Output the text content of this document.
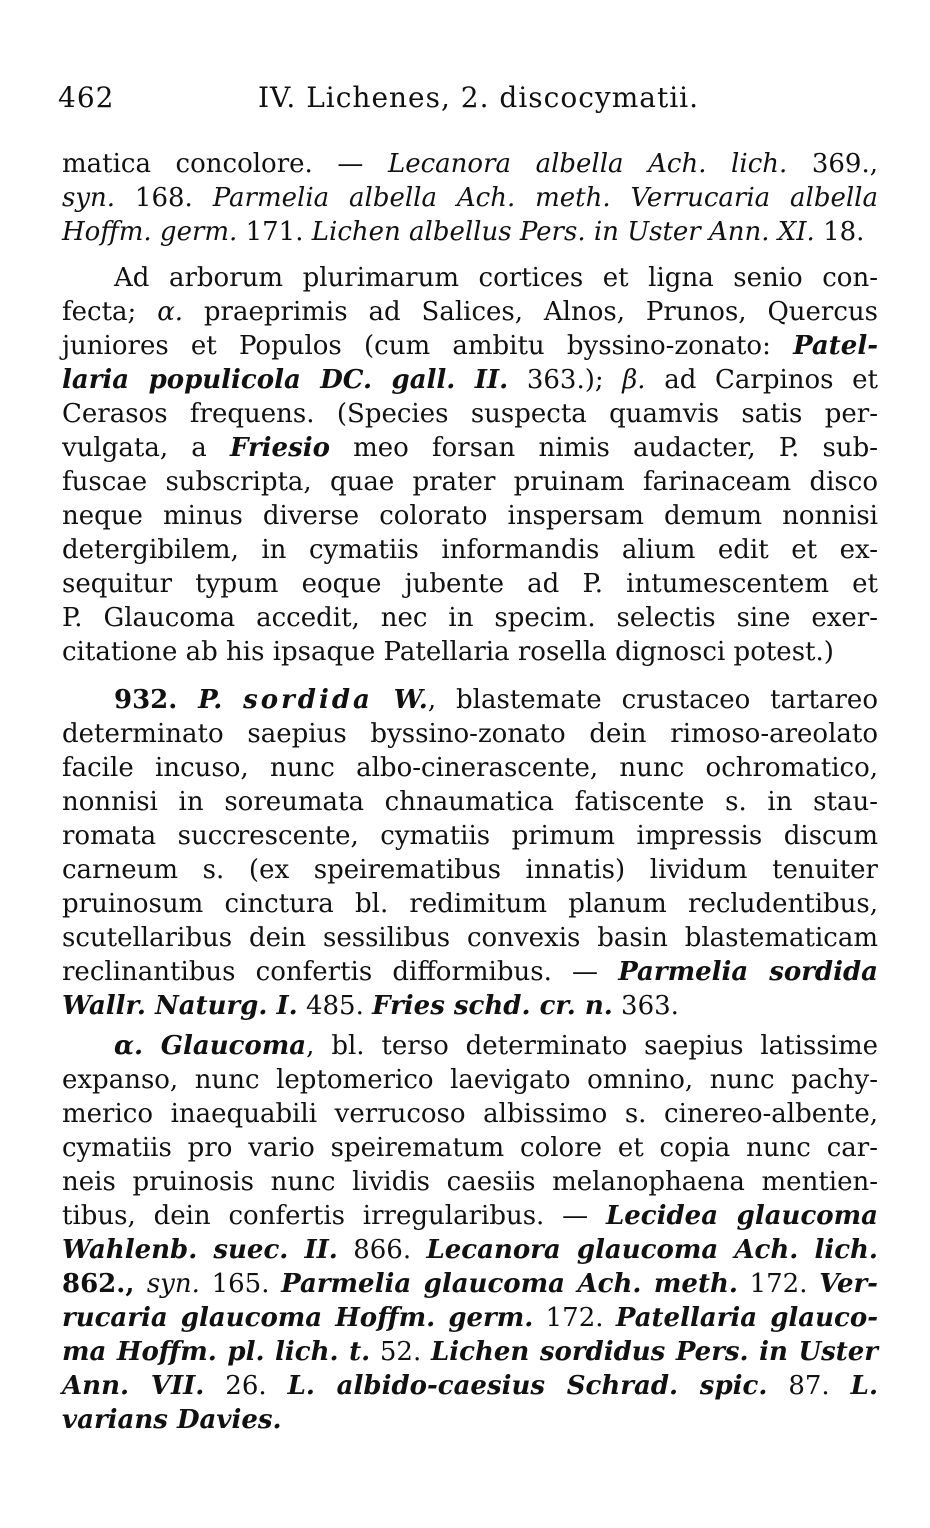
462	IV. Lichenes, 2. discocymatii.
matica concolore. — Lecanora albella Ach. lich. 369.,
syn. 168. Parmelia albella Ach. meth. Verrucaria albella
Hoffm. germ. 171. Lichen albellus Pers. in Uster Ann. XI. 18.
Ad arborum plurimarum cortices et ligna senio con-
fecta; α. praeprimis ad Salices, Alnos, Prunos, Quercus
juniores et Populos (cum ambitu byssino-zonato: Patel-
laria populicola DC. gall. II. 363.); β. ad Carpinos et
Cerasos frequens. (Species suspecta quamvis satis per-
vulgata, a Friesio meo forsan nimis audacter, P. sub-
fuscae subscripta, quae prater pruinam farinaceam disco
neque minus diverse colorato inspersam demum nonnisi
detergibilem, in cymatiis informandis alium edit et ex-
sequitur typum eoque jubente ad P. intumescentem et
P. Glaucoma accedit, nec in specim. selectis sine exer-
citatione ab his ipsaque Patellaria rosella dignosci potest.)
932. P. sordida W., blastemate crustaceo tartareo
determinato saepius byssino-zonato dein rimoso-areolato
facile incuso, nunc albo-cinerascente, nunc ochromatico,
nonnisi in soreumata chnaumatica fatiscente s. in stau-
romata succrescente, cymatiis primum impressis discum
carneum s. (ex speirematibus innatis) lividum tenuiter
pruinosum cinctura bl. redimitum planum recludentibus,
scutellaribus dein sessilibus convexis basin blastematicam
reclinantibus confertis difformibus. — Parmelia sordida
Wallr. Naturg. I. 485. Fries schd. cr. n. 363.
α. Glaucoma, bl. terso determinato saepius latissime
expanso, nunc leptomerico laevigato omnino, nunc pachy-
merico inaequabili verrucoso albissimo s. cinereo-albente,
cymatiis pro vario speirematum colore et copia nunc car-
neis pruinosis nunc lividis caesiis melanophaena mentien-
tibus, dein confertis irregularibus. — Lecidea glaucoma
Wahlenb. suec. II. 866. Lecanora glaucoma Ach. lich.
862., syn. 165. Parmelia glaucoma Ach. meth. 172. Ver-
rucaria glaucoma Hoffm. germ. 172. Patellaria glauco-
ma Hoffm. pl. lich. t. 52. Lichen sordidus Pers. in Uster
Ann. VII. 26. L. albido-caesius Schrad. spic. 87. L.
varians Davies.
